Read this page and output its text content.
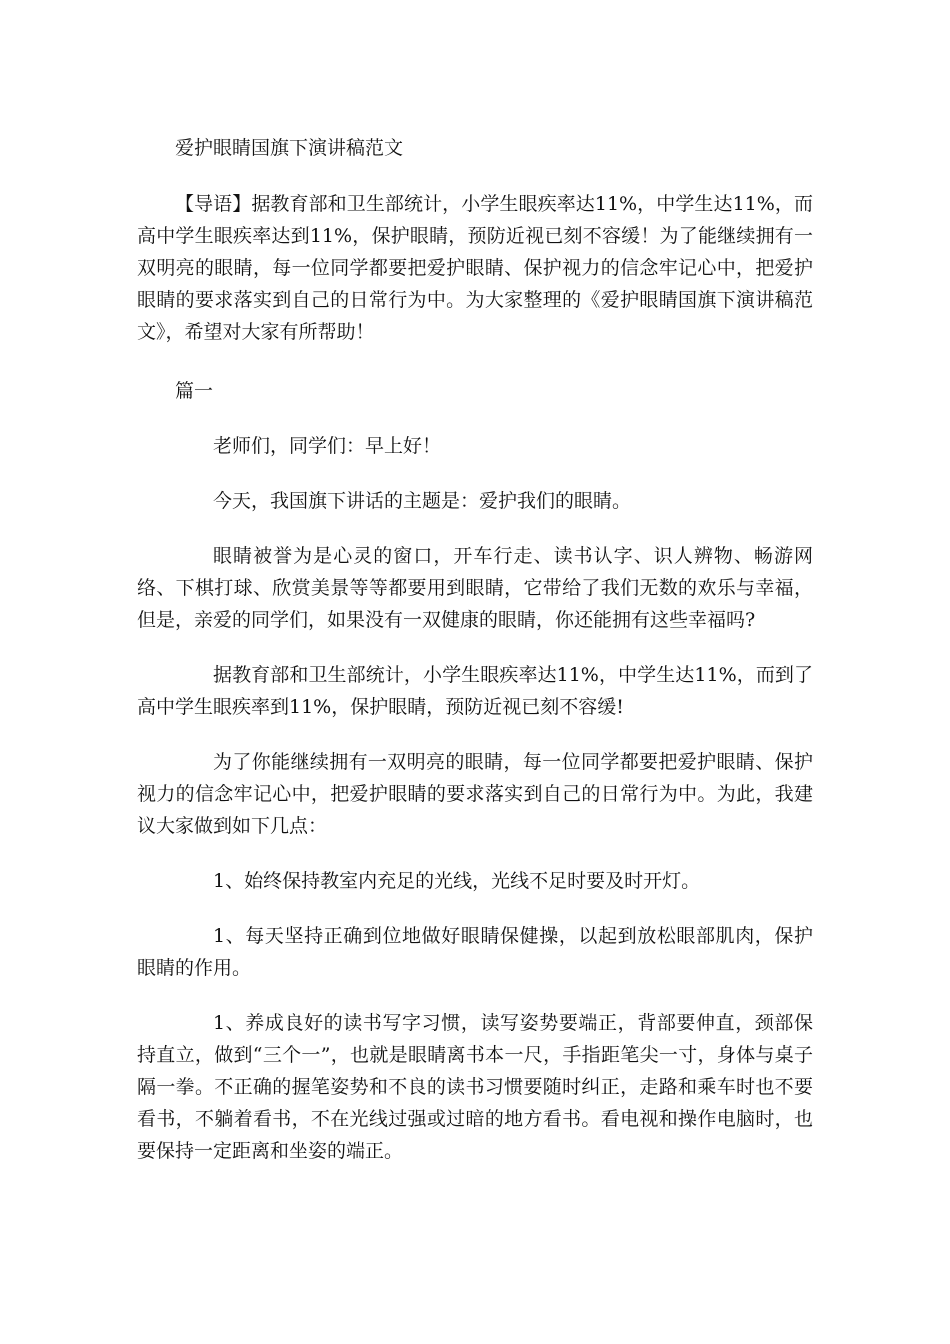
爱护眼睛国旗下演讲稿范文

【导语】据教育部和卫生部统计，小学生眼疾率达11%，中学生达11%，而高中学生眼疾率达到11%，保护眼睛，预防近视已刻不容缓！为了能继续拥有一双明亮的眼睛，每一位同学都要把爱护眼睛、保护视力的信念牢记心中，把爱护眼睛的要求落实到自己的日常行为中。为大家整理的《爱护眼睛国旗下演讲稿范文》，希望对大家有所帮助！

篇一

老师们，同学们：早上好！

今天，我国旗下讲话的主题是：爱护我们的眼睛。

眼睛被誉为是心灵的窗口，开车行走、读书认字、识人辨物、畅游网络、下棋打球、欣赏美景等等都要用到眼睛，它带给了我们无数的欢乐与幸福，但是，亲爱的同学们，如果没有一双健康的眼睛，你还能拥有这些幸福吗?

据教育部和卫生部统计，小学生眼疾率达11%，中学生达11%，而到了高中学生眼疾率到11%，保护眼睛，预防近视已刻不容缓!

为了你能继续拥有一双明亮的眼睛，每一位同学都要把爱护眼睛、保护视力的信念牢记心中，把爱护眼睛的要求落实到自己的日常行为中。为此，我建议大家做到如下几点：

1、始终保持教室内充足的光线，光线不足时要及时开灯。

1、每天坚持正确到位地做好眼睛保健操，以起到放松眼部肌肉，保护眼睛的作用。

1、养成良好的读书写字习惯，读写姿势要端正，背部要伸直，颈部保持直立，做到“三个一”，也就是眼睛离书本一尺，手指距笔尖一寸，身体与桌子隔一拳。不正确的握笔姿势和不良的读书习惯要随时纠正，走路和乘车时也不要看书，不躺着看书，不在光线过强或过暗的地方看书。看电视和操作电脑时，也要保持一定距离和坐姿的端正。
